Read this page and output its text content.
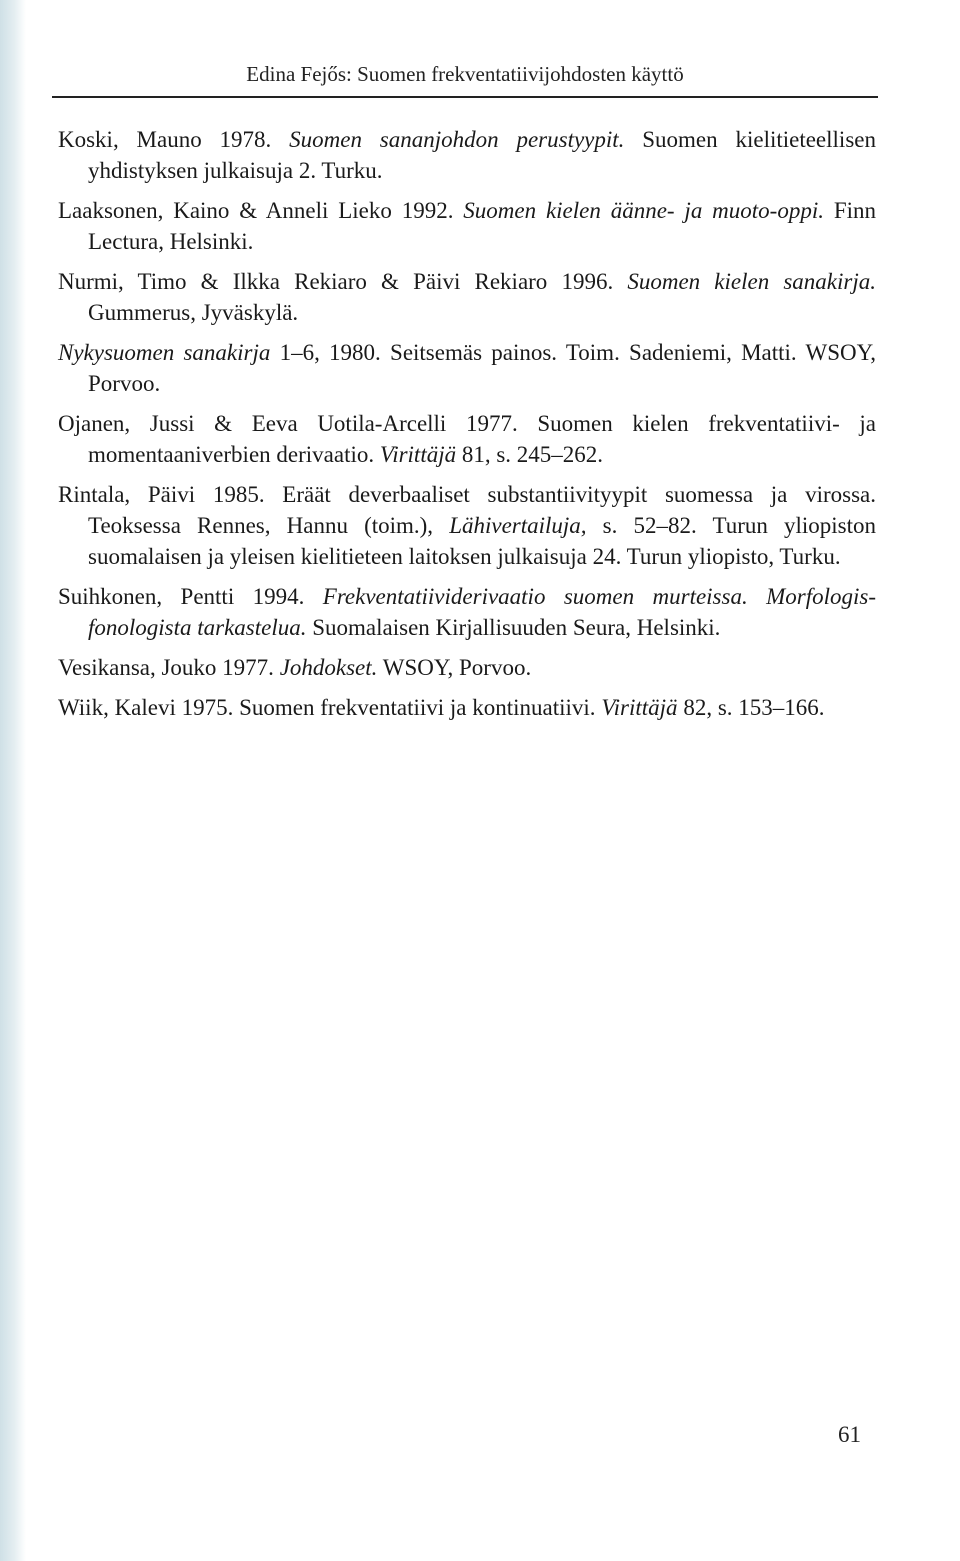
Edina Fejős: Suomen frekventatiivijohdosten käyttö

Koski, Mauno 1978. Suomen sananjohdon perustyypit. Suomen kielitieteellisen yhdistyksen julkaisuja 2. Turku.

Laaksonen, Kaino & Anneli Lieko 1992. Suomen kielen äänne- ja muoto-oppi. Finn Lectura, Helsinki.

Nurmi, Timo & Ilkka Rekiaro & Päivi Rekiaro 1996. Suomen kielen sanakirja. Gummerus, Jyväskylä.

Nykysuomen sanakirja 1–6, 1980. Seitsemäs painos. Toim. Sadeniemi, Matti. WSOY, Porvoo.

Ojanen, Jussi & Eeva Uotila-Arcelli 1977. Suomen kielen frekventatiivi- ja momentaaniverbien derivaatio. Virittäjä 81, s. 245–262.

Rintala, Päivi 1985. Eräät deverbaaliset substantiivityypit suomessa ja virossa. Teoksessa Rennes, Hannu (toim.), Lähivertailuja, s. 52–82. Turun yliopiston suomalaisen ja yleisen kielitieteen laitoksen julkaisuja 24. Turun yliopisto, Turku.

Suihkonen, Pentti 1994. Frekventatiividerivaatio suomen murteissa. Morfologis-fonologista tarkastelua. Suomalaisen Kirjallisuuden Seura, Helsinki.

Vesikansa, Jouko 1977. Johdokset. WSOY, Porvoo.

Wiik, Kalevi 1975. Suomen frekventatiivi ja kontinuatiivi. Virittäjä 82, s. 153–166.

61
